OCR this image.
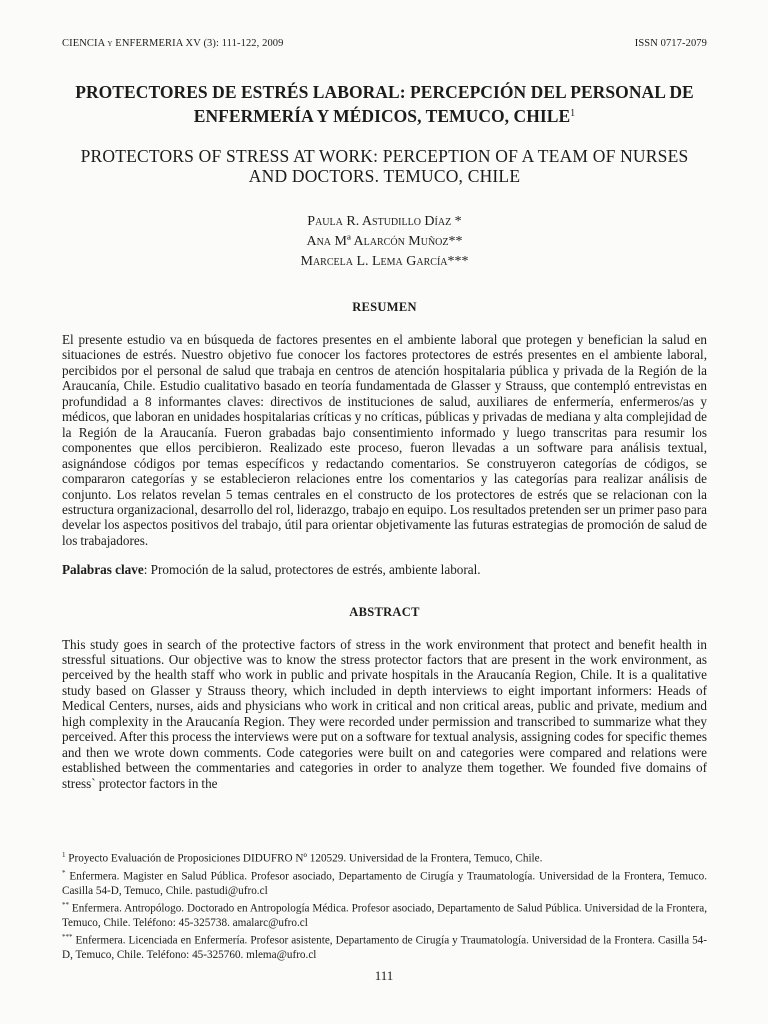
CIENCIA y ENFERMERIA XV (3): 111-122, 2009	ISSN 0717-2079
PROTECTORES DE ESTRÉS LABORAL: PERCEPCIÓN DEL PERSONAL DE ENFERMERÍA Y MÉDICOS, TEMUCO, CHILE$^1$
PROTECTORS OF STRESS AT WORK: PERCEPTION OF A TEAM OF NURSES AND DOCTORS. TEMUCO, CHILE
Paula R. Astudillo Díaz *
Ana Mª Alarcón Muñoz**
Marcela L. Lema García***
RESUMEN

El presente estudio va en búsqueda de factores presentes en el ambiente laboral que protegen y benefician la salud en situaciones de estrés. Nuestro objetivo fue conocer los factores protectores de estrés presentes en el ambiente laboral, percibidos por el personal de salud que trabaja en centros de atención hospitalaria pública y privada de la Región de la Araucanía, Chile. Estudio cualitativo basado en teoría fundamentada de Glasser y Strauss, que contempló entrevistas en profundidad a 8 informantes claves: directivos de instituciones de salud, auxiliares de enfermería, enfermeros/as y médicos, que laboran en unidades hospitalarias críticas y no críticas, públicas y privadas de mediana y alta complejidad de la Región de la Araucanía. Fueron grabadas bajo consentimiento informado y luego transcritas para resumir los componentes que ellos percibieron. Realizado este proceso, fueron llevadas a un software para análisis textual, asignándose códigos por temas específicos y redactando comentarios. Se construyeron categorías de códigos, se compararon categorías y se establecieron relaciones entre los comentarios y las categorías para realizar análisis de conjunto. Los relatos revelan 5 temas centrales en el constructo de los protectores de estrés que se relacionan con la estructura organizacional, desarrollo del rol, liderazgo, trabajo en equipo. Los resultados pretenden ser un primer paso para develar los aspectos positivos del trabajo, útil para orientar objetivamente las futuras estrategias de promoción de salud de los trabajadores.

Palabras clave: Promoción de la salud, protectores de estrés, ambiente laboral.
ABSTRACT

This study goes in search of the protective factors of stress in the work environment that protect and benefit health in stressful situations. Our objective was to know the stress protector factors that are present in the work environment, as perceived by the health staff who work in public and private hospitals in the Araucanía Region, Chile. It is a qualitative study based on Glasser y Strauss theory, which included in depth interviews to eight important informers: Heads of Medical Centers, nurses, aids and physicians who work in critical and non critical areas, public and private, medium and high complexity in the Araucanía Region. They were recorded under permission and transcribed to summarize what they perceived. After this process the interviews were put on a software for textual analysis, assigning codes for specific themes and then we wrote down comments. Code categories were built on and categories were compared and relations were established between the commentaries and categories in order to analyze them together. We founded five domains of stress` protector factors in the

$^1$ Proyecto Evaluación de Proposiciones DIDUFRO Nº 120529. Universidad de la Frontera, Temuco, Chile.

* Enfermera. Magister en Salud Pública. Profesor asociado, Departamento de Cirugía y Traumatología. Universidad de la Frontera, Temuco. Casilla 54-D, Temuco, Chile. pastudi@ufro.cl

** Enfermera. Antropólogo. Doctorado en Antropología Médica. Profesor asociado, Departamento de Salud Pública. Universidad de la Frontera, Temuco, Chile. Teléfono: 45-325738. amalarc@ufro.cl

*** Enfermera. Licenciada en Enfermería. Profesor asistente, Departamento de Cirugía y Traumatología. Universidad de la Frontera. Casilla 54-D, Temuco, Chile. Teléfono: 45-325760. mlema@ufro.cl

111
